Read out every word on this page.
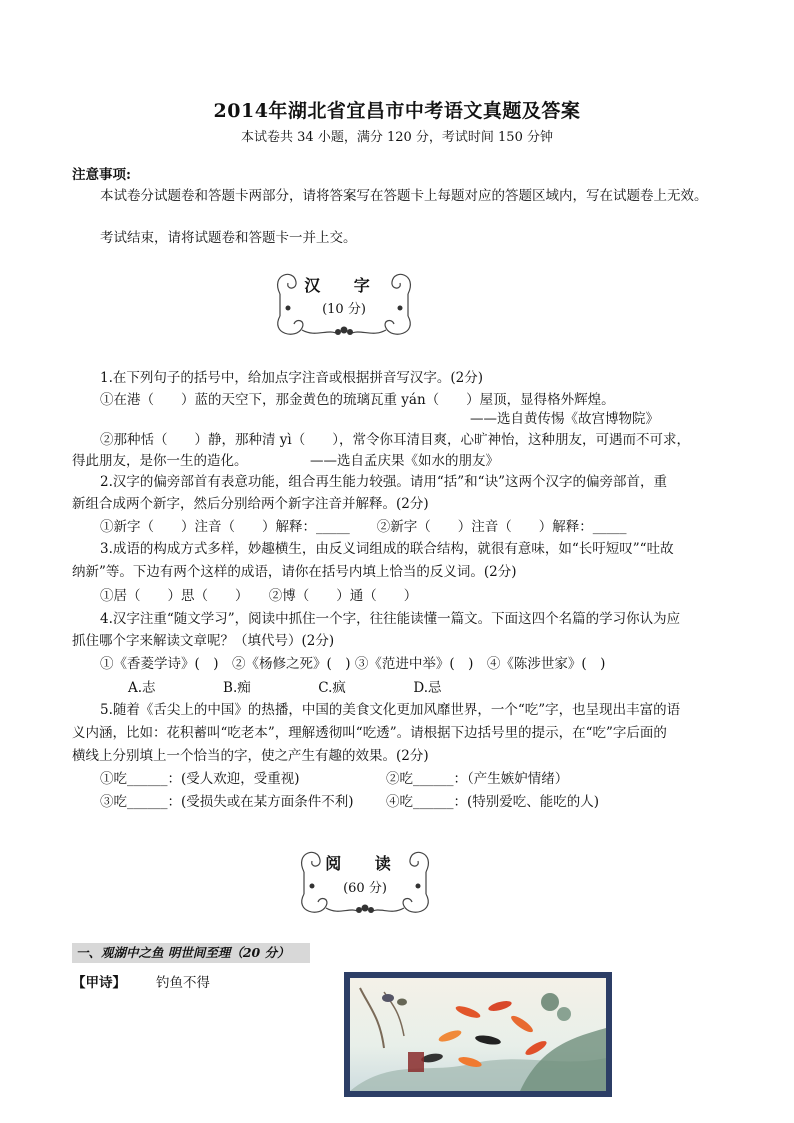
2014年湖北省宜昌市中考语文真题及答案
本试卷共 34 小题，满分 120 分，考试时间 150 分钟
注意事项:
本试卷分试题卷和答题卡两部分，请将答案写在答题卡上每题对应的答题区域内，写在试题卷上无效。
考试结束，请将试题卷和答题卡一并上交。
汉 字
(10 分)
1.在下列句子的括号中，给加点字注音或根据拼音写汉字。(2分)
①在港（　　）蓝的天空下，那金黄色的琉璃瓦重 yán（　　）屋顶，显得格外辉煌。
——选自黄传惕《故宫博物院》
②那种恬（　　）静，那种清 yì（　　），常令你耳清目爽，心旷神怡，这种朋友，可遇而不可求，
得此朋友，是你一生的造化。	——选自孟庆果《如水的朋友》
2.汉字的偏旁部首有表意功能，组合再生能力较强。请用“括”和“诀”这两个汉字的偏旁部首，重
新组合成两个新字，然后分别给两个新字注音并解释。(2分)
①新字（　　）注音（　　）解释：_____　　②新字（　　）注音（　　）解释：_____
3.成语的构成方式多样，妙趣横生，由反义词组成的联合结构，就很有意味，如“长吁短叹”“吐故
纳新”等。下边有两个这样的成语，请你在括号内填上恰当的反义词。(2分)
①居（　　）思（　　）　　②博（　　）通（　　）
4.汉字注重“随文学习”，阅读中抓住一个字，往往能读懂一篇文。下面这四个名篇的学习你认为应
抓住哪个字来解读文章呢？（填代号）(2分)
①《香菱学诗》(　)　②《杨修之死》(　) ③《范进中举》(　)　④《陈涉世家》(　)
A.志　　　　　B.痴　　　　　C.疯　　　　　D.忌
5.随着《舌尖上的中国》的热播，中国的美食文化更加风靡世界，一个“吃”字，也呈现出丰富的语
义内涵，比如：花积蓄叫“吃老本”，理解透彻叫“吃透”。请根据下边括号里的提示，在“吃”字后面的
横线上分别填上一个恰当的字，使之产生有趣的效果。(2分)
①吃______：(受人欢迎，受重视)	②吃______：（产生嫉妒情绪）
③吃______：(受损失或在某方面条件不利) ④吃______：(特别爱吃、能吃的人)
阅 读
(60 分)
一、观湖中之鱼 明世间至理（20 分）
【甲诗】 钓鱼不得
